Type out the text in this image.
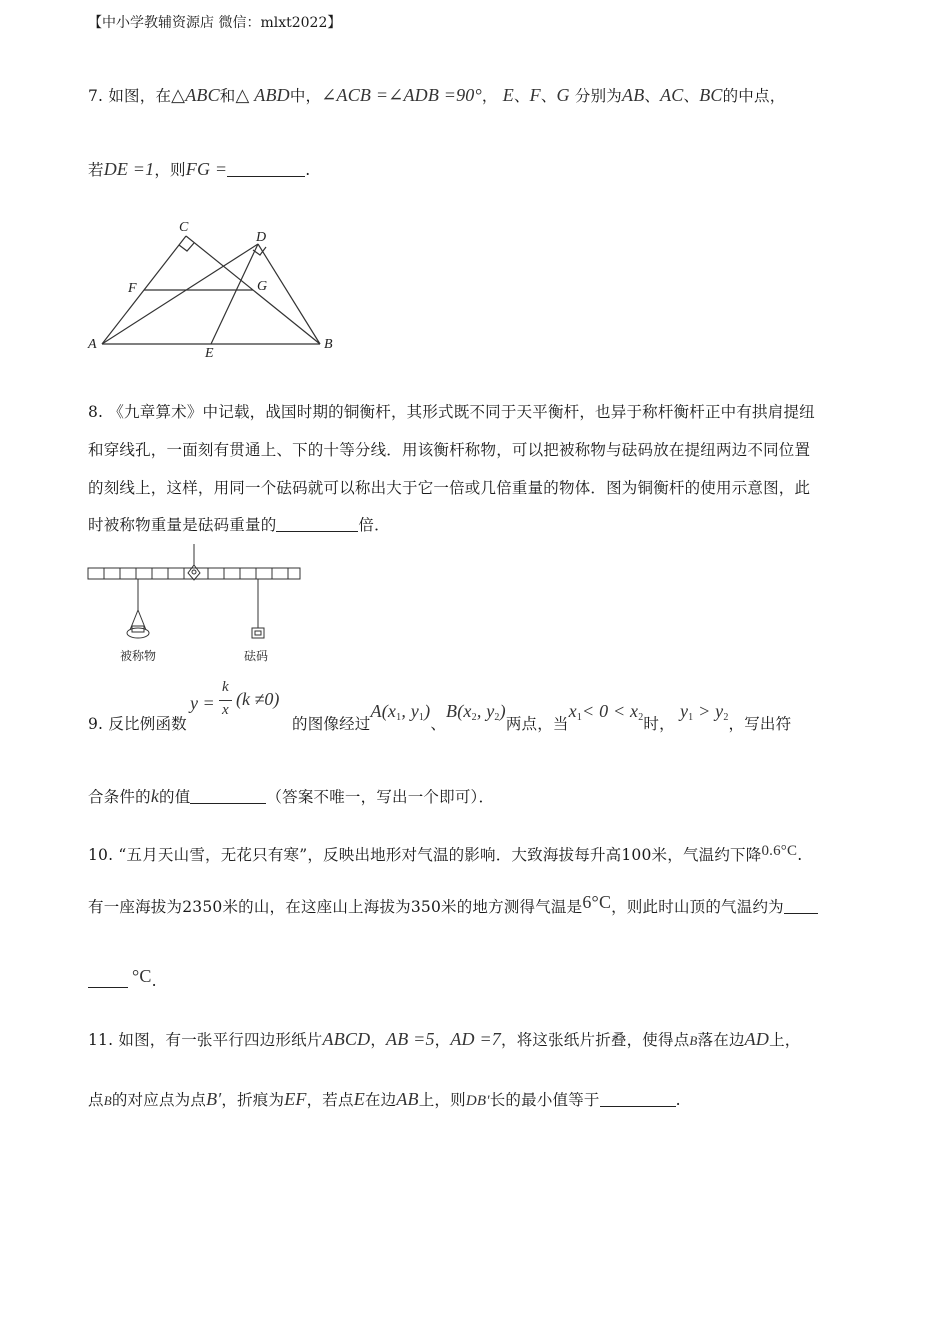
【中小学教辅资源店 微信：mlxt2022】
7. 如图，在△ABC和△ ABD中，∠ACB =∠ADB =90°， E、F、G 分别为AB、AC、BC的中点，
若DE =1，则FG =	.
C
D
F	G
A
E
B
8. 《九章算术》中记载，战国时期的铜衡杆，其形式既不同于天平衡杆，也异于称杆衡杆正中有拱肩提纽
和穿线孔，一面刻有贯通上、下的十等分线．用该衡杆称物，可以把被称物与砝码放在提纽两边不同位置
的刻线上，这样，用同一个砝码就可以称出大于它一倍或几倍重量的物体．图为铜衡杆的使用示意图，此
时被称物重量是砝码重量的	倍．
被称物	砝码
y =
k
x
(k ≠0)
9. 反比例函数	的图像经过$A(x_1$, $y_1$)、$B(x_2$, $y_2$)两点，当$x_1< 0 < x_2$时， $y_1 > y_2$，写出符
合条件的k的值	（答案不唯一，写出一个即可）．
10. “五月天山雪，无花只有寒”，反映出地形对气温的影响．大致海拔每升高100米，气温约下降0.6°C.
有一座海拔为2350米的山，在这座山上海拔为350米的地方测得气温是6°C，则此时山顶的气温约为
°C.
11. 如图，有一张平行四边形纸片ABCD，AB =5，AD =7，将这张纸片折叠，使得点B落在边AD上，
点B的对应点为点B′，折痕为EF，若点E在边AB上，则DB′长的最小值等于	.
